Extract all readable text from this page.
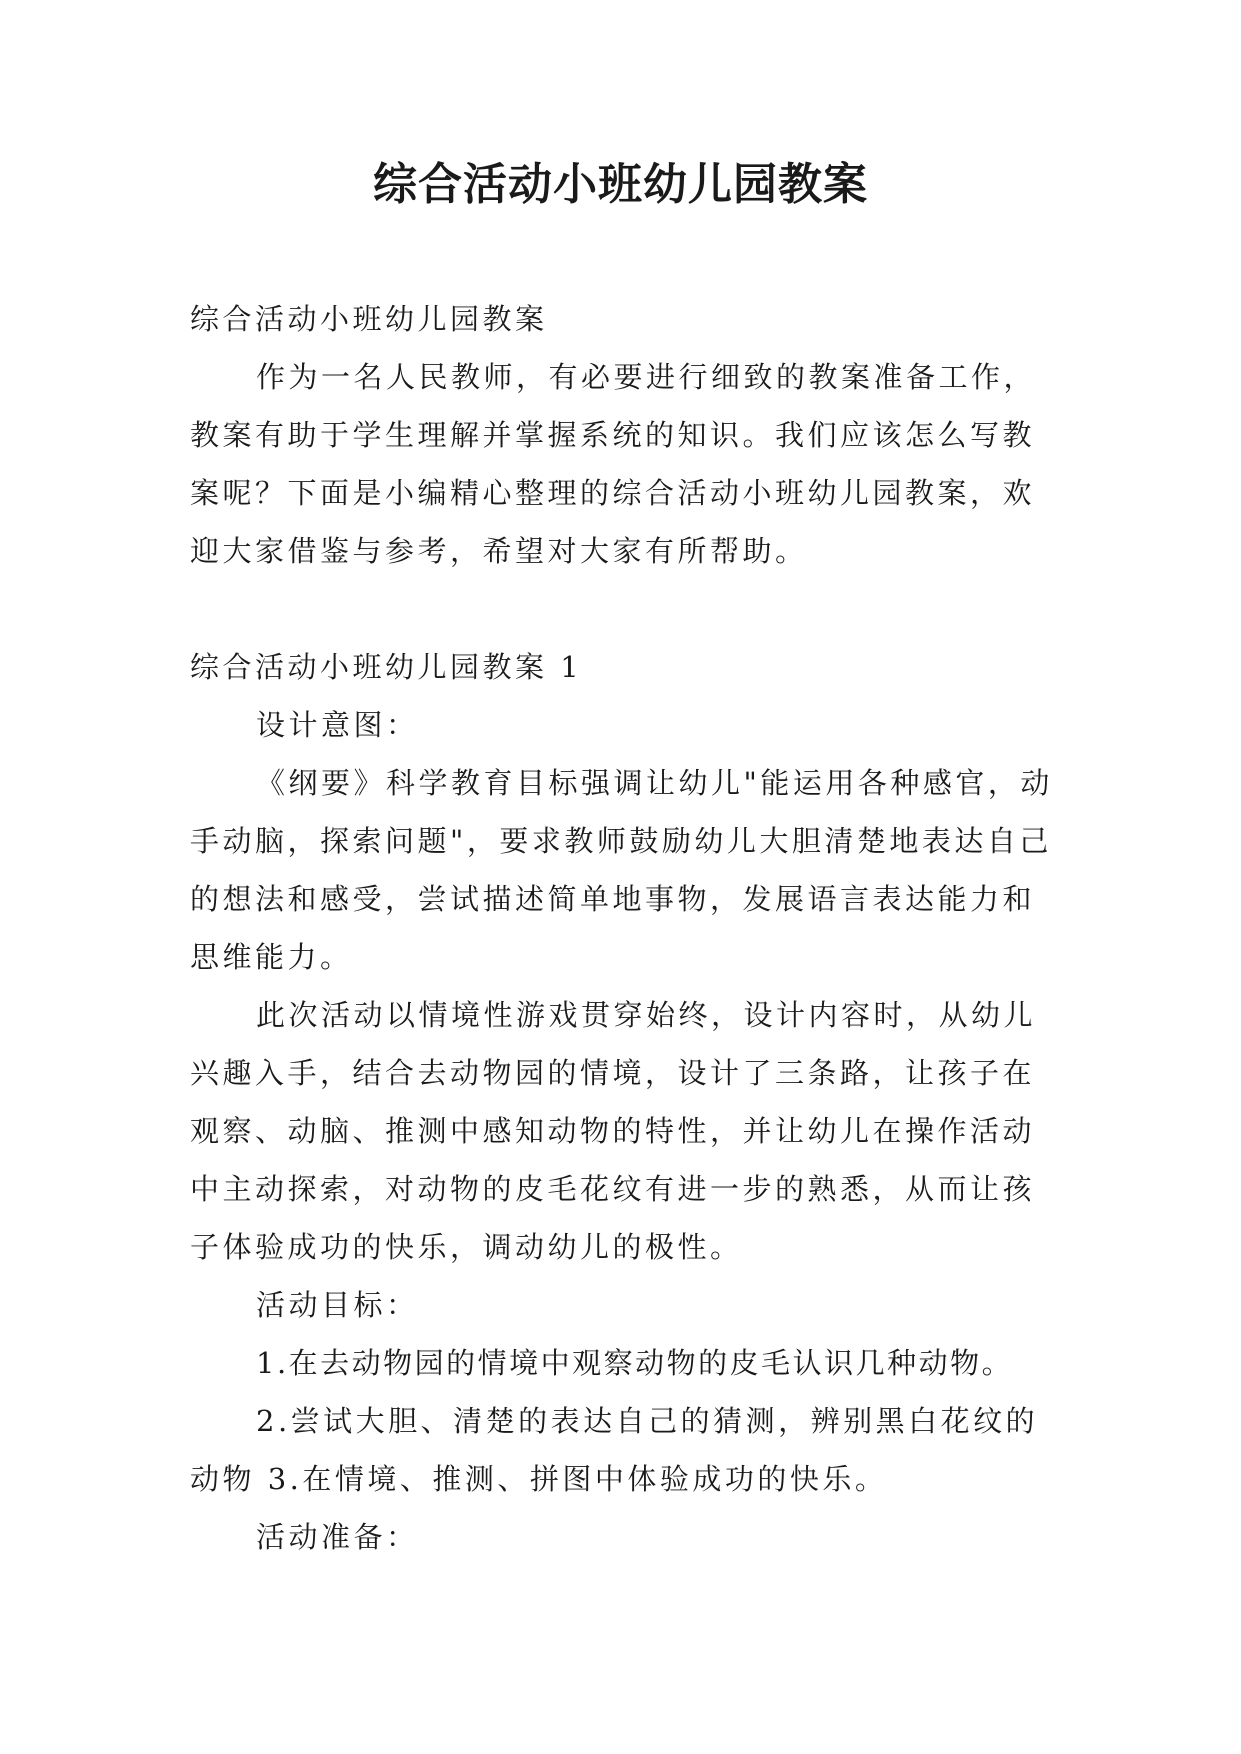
综合活动小班幼儿园教案

综合活动小班幼儿园教案

作为一名人民教师，有必要进行细致的教案准备工作，教案有助于学生理解并掌握系统的知识。我们应该怎么写教案呢？下面是小编精心整理的综合活动小班幼儿园教案，欢迎大家借鉴与参考，希望对大家有所帮助。

综合活动小班幼儿园教案 1

设计意图：

《纲要》科学教育目标强调让幼儿"能运用各种感官，动手动脑，探索问题"，要求教师鼓励幼儿大胆清楚地表达自己的想法和感受，尝试描述简单地事物，发展语言表达能力和思维能力。

此次活动以情境性游戏贯穿始终，设计内容时，从幼儿兴趣入手，结合去动物园的情境，设计了三条路，让孩子在观察、动脑、推测中感知动物的特性，并让幼儿在操作活动中主动探索，对动物的皮毛花纹有进一步的熟悉，从而让孩子体验成功的快乐，调动幼儿的极性。

活动目标：

1.在去动物园的情境中观察动物的皮毛认识几种动物。

2.尝试大胆、清楚的表达自己的猜测，辨别黑白花纹的动物 3.在情境、推测、拼图中体验成功的快乐。

活动准备：
